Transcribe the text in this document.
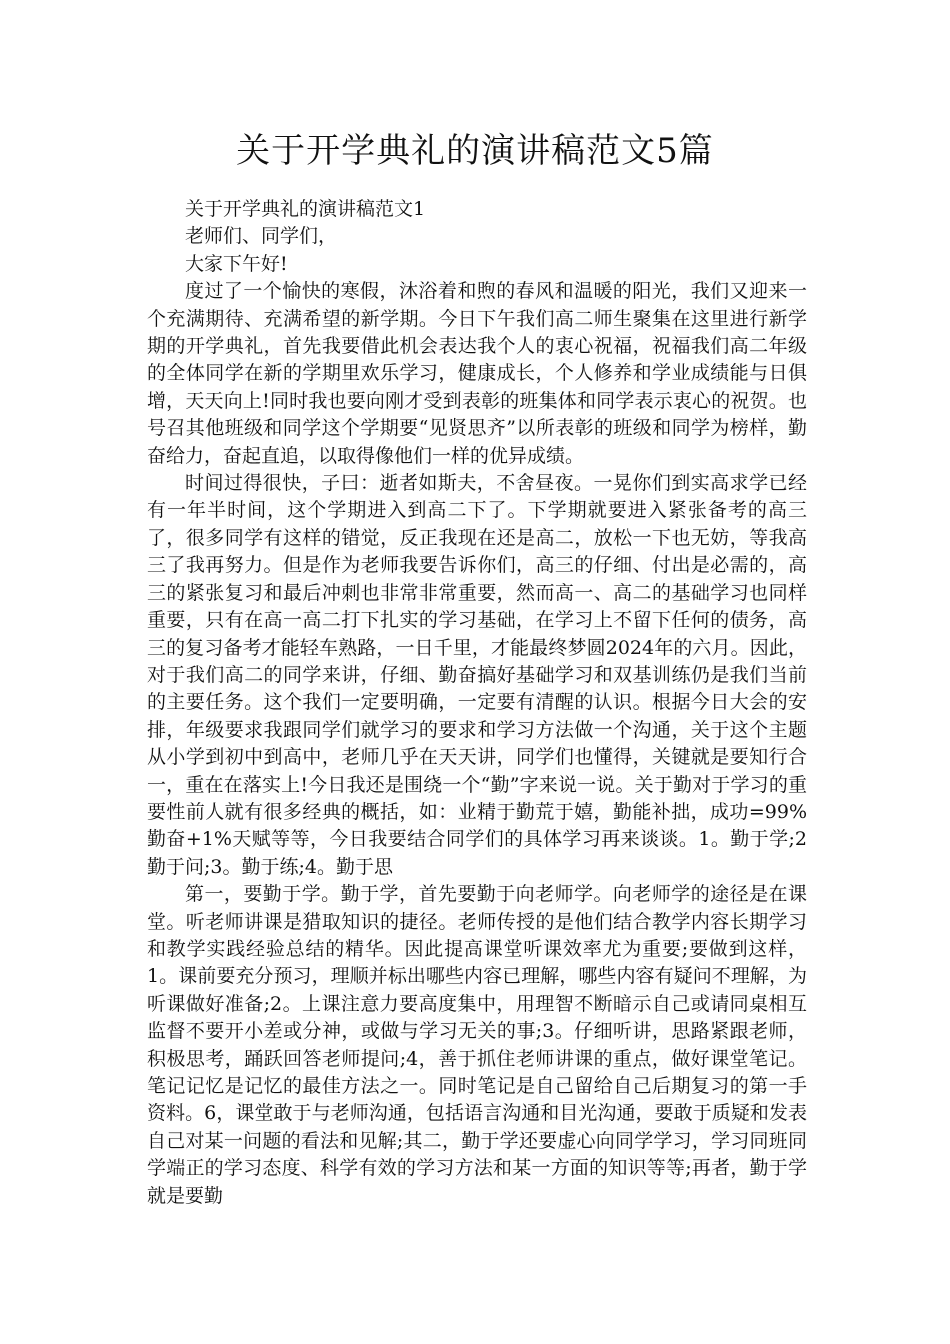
关于开学典礼的演讲稿范文5篇

关于开学典礼的演讲稿范文1

老师们、同学们，

大家下午好!

度过了一个愉快的寒假，沐浴着和煦的春风和温暖的阳光，我们又迎来一个充满期待、充满希望的新学期。今日下午我们高二师生聚集在这里进行新学期的开学典礼，首先我要借此机会表达我个人的衷心祝福，祝福我们高二年级的全体同学在新的学期里欢乐学习，健康成长，个人修养和学业成绩能与日俱增，天天向上!同时我也要向刚才受到表彰的班集体和同学表示衷心的祝贺。也号召其他班级和同学这个学期要“见贤思齐”以所表彰的班级和同学为榜样，勤奋给力，奋起直追，以取得像他们一样的优异成绩。

时间过得很快，子曰：逝者如斯夫，不舍昼夜。一晃你们到实高求学已经有一年半时间，这个学期进入到高二下了。下学期就要进入紧张备考的高三了，很多同学有这样的错觉，反正我现在还是高二，放松一下也无妨，等我高三了我再努力。但是作为老师我要告诉你们，高三的仔细、付出是必需的，高三的紧张复习和最后冲刺也非常非常重要，然而高一、高二的基础学习也同样重要，只有在高一高二打下扎实的学习基础，在学习上不留下任何的债务，高三的复习备考才能轻车熟路，一日千里，才能最终梦圆2024年的六月。因此，对于我们高二的同学来讲，仔细、勤奋搞好基础学习和双基训练仍是我们当前的主要任务。这个我们一定要明确，一定要有清醒的认识。根据今日大会的安排，年级要求我跟同学们就学习的要求和学习方法做一个沟通，关于这个主题从小学到初中到高中，老师几乎在天天讲，同学们也懂得，关键就是要知行合一，重在在落实上!今日我还是围绕一个“勤”字来说一说。关于勤对于学习的重要性前人就有很多经典的概括，如：业精于勤荒于嬉，勤能补拙，成功=99%勤奋+1%天赋等等，今日我要结合同学们的具体学习再来谈谈。1。勤于学;2勤于问;3。勤于练;4。勤于思

第一，要勤于学。勤于学，首先要勤于向老师学。向老师学的途径是在课堂。听老师讲课是猎取知识的捷径。老师传授的是他们结合教学内容长期学习和教学实践经验总结的精华。因此提高课堂听课效率尤为重要;要做到这样，1。课前要充分预习，理顺并标出哪些内容已理解，哪些内容有疑问不理解，为听课做好准备;2。上课注意力要高度集中，用理智不断暗示自己或请同桌相互监督不要开小差或分神，或做与学习无关的事;3。仔细听讲，思路紧跟老师，积极思考，踊跃回答老师提问;4，善于抓住老师讲课的重点，做好课堂笔记。笔记记忆是记忆的最佳方法之一。同时笔记是自己留给自己后期复习的第一手资料。6，课堂敢于与老师沟通，包括语言沟通和目光沟通，要敢于质疑和发表自己对某一问题的看法和见解;其二，勤于学还要虚心向同学学习，学习同班同学端正的学习态度、科学有效的学习方法和某一方面的知识等等;再者，勤于学就是要勤
